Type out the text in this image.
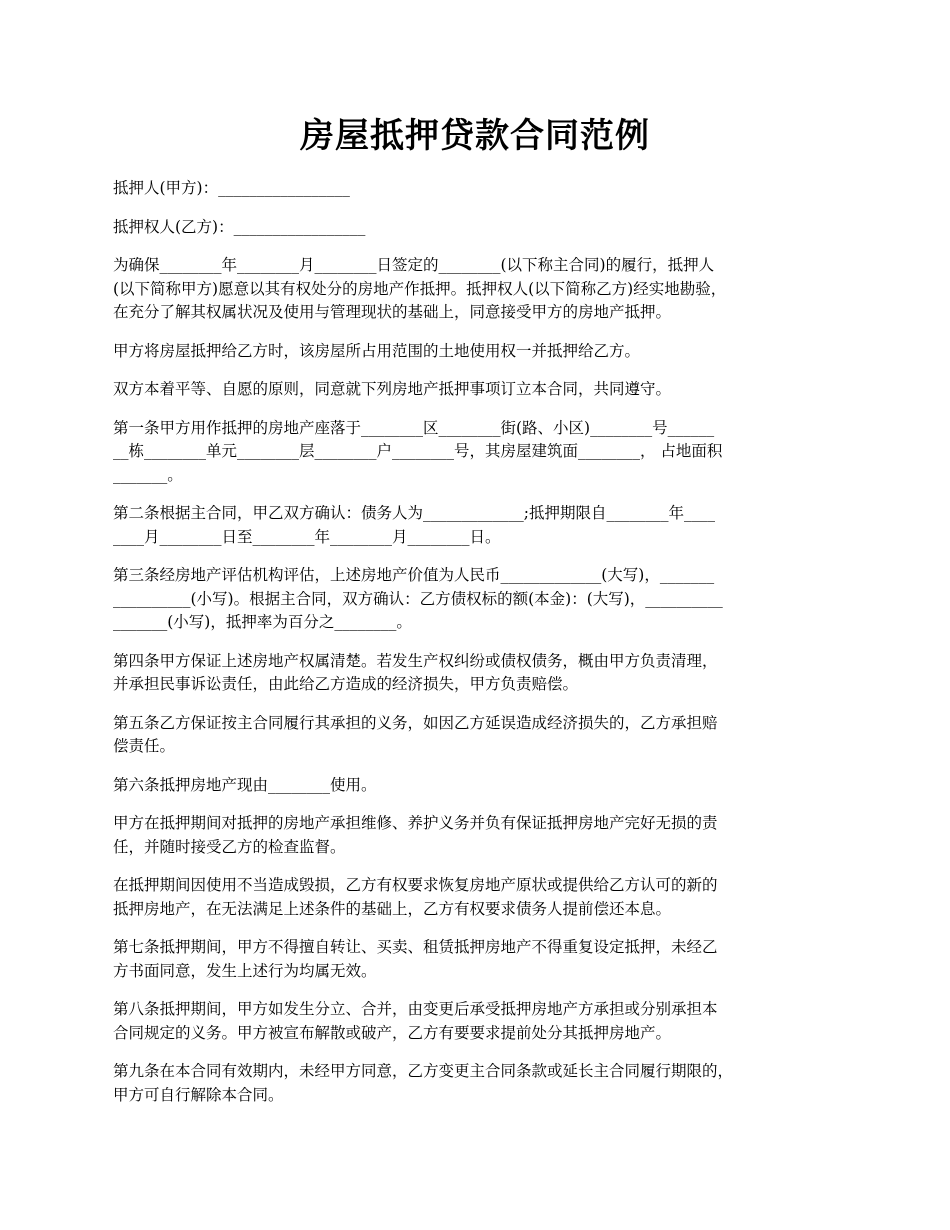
房屋抵押贷款合同范例

抵押人(甲方)：_________________

抵押权人(乙方)：_________________

为确保________年________月________日签定的________(以下称主合同)的履行，抵押人
(以下简称甲方)愿意以其有权处分的房地产作抵押。抵押权人(以下简称乙方)经实地勘验，
在充分了解其权属状况及使用与管理现状的基础上，同意接受甲方的房地产抵押。

甲方将房屋抵押给乙方时，该房屋所占用范围的土地使用权一并抵押给乙方。

双方本着平等、自愿的原则，同意就下列房地产抵押事项订立本合同，共同遵守。

第一条甲方用作抵押的房地产座落于________区________街(路、小区)________号______
__栋________单元________层________户________号，其房屋建筑面________， 占地面积
_______。

第二条根据主合同，甲乙双方确认：债务人为_____________;抵押期限自________年____
____月________日至________年________月________日。

第三条经房地产评估机构评估，上述房地产价值为人民币_____________(大写)，_______
__________(小写)。根据主合同，双方确认：乙方债权标的额(本金)：(大写)，__________
_______(小写)，抵押率为百分之________。

第四条甲方保证上述房地产权属清楚。若发生产权纠纷或债权债务，概由甲方负责清理，
并承担民事诉讼责任，由此给乙方造成的经济损失，甲方负责赔偿。

第五条乙方保证按主合同履行其承担的义务，如因乙方延误造成经济损失的，乙方承担赔
偿责任。

第六条抵押房地产现由________使用。

甲方在抵押期间对抵押的房地产承担维修、养护义务并负有保证抵押房地产完好无损的责
任，并随时接受乙方的检查监督。

在抵押期间因使用不当造成毁损，乙方有权要求恢复房地产原状或提供给乙方认可的新的
抵押房地产，在无法满足上述条件的基础上，乙方有权要求债务人提前偿还本息。

第七条抵押期间，甲方不得擅自转让、买卖、租赁抵押房地产不得重复设定抵押，未经乙
方书面同意，发生上述行为均属无效。

第八条抵押期间，甲方如发生分立、合并，由变更后承受抵押房地产方承担或分别承担本
合同规定的义务。甲方被宣布解散或破产，乙方有要要求提前处分其抵押房地产。

第九条在本合同有效期内，未经甲方同意，乙方变更主合同条款或延长主合同履行期限的，
甲方可自行解除本合同。
